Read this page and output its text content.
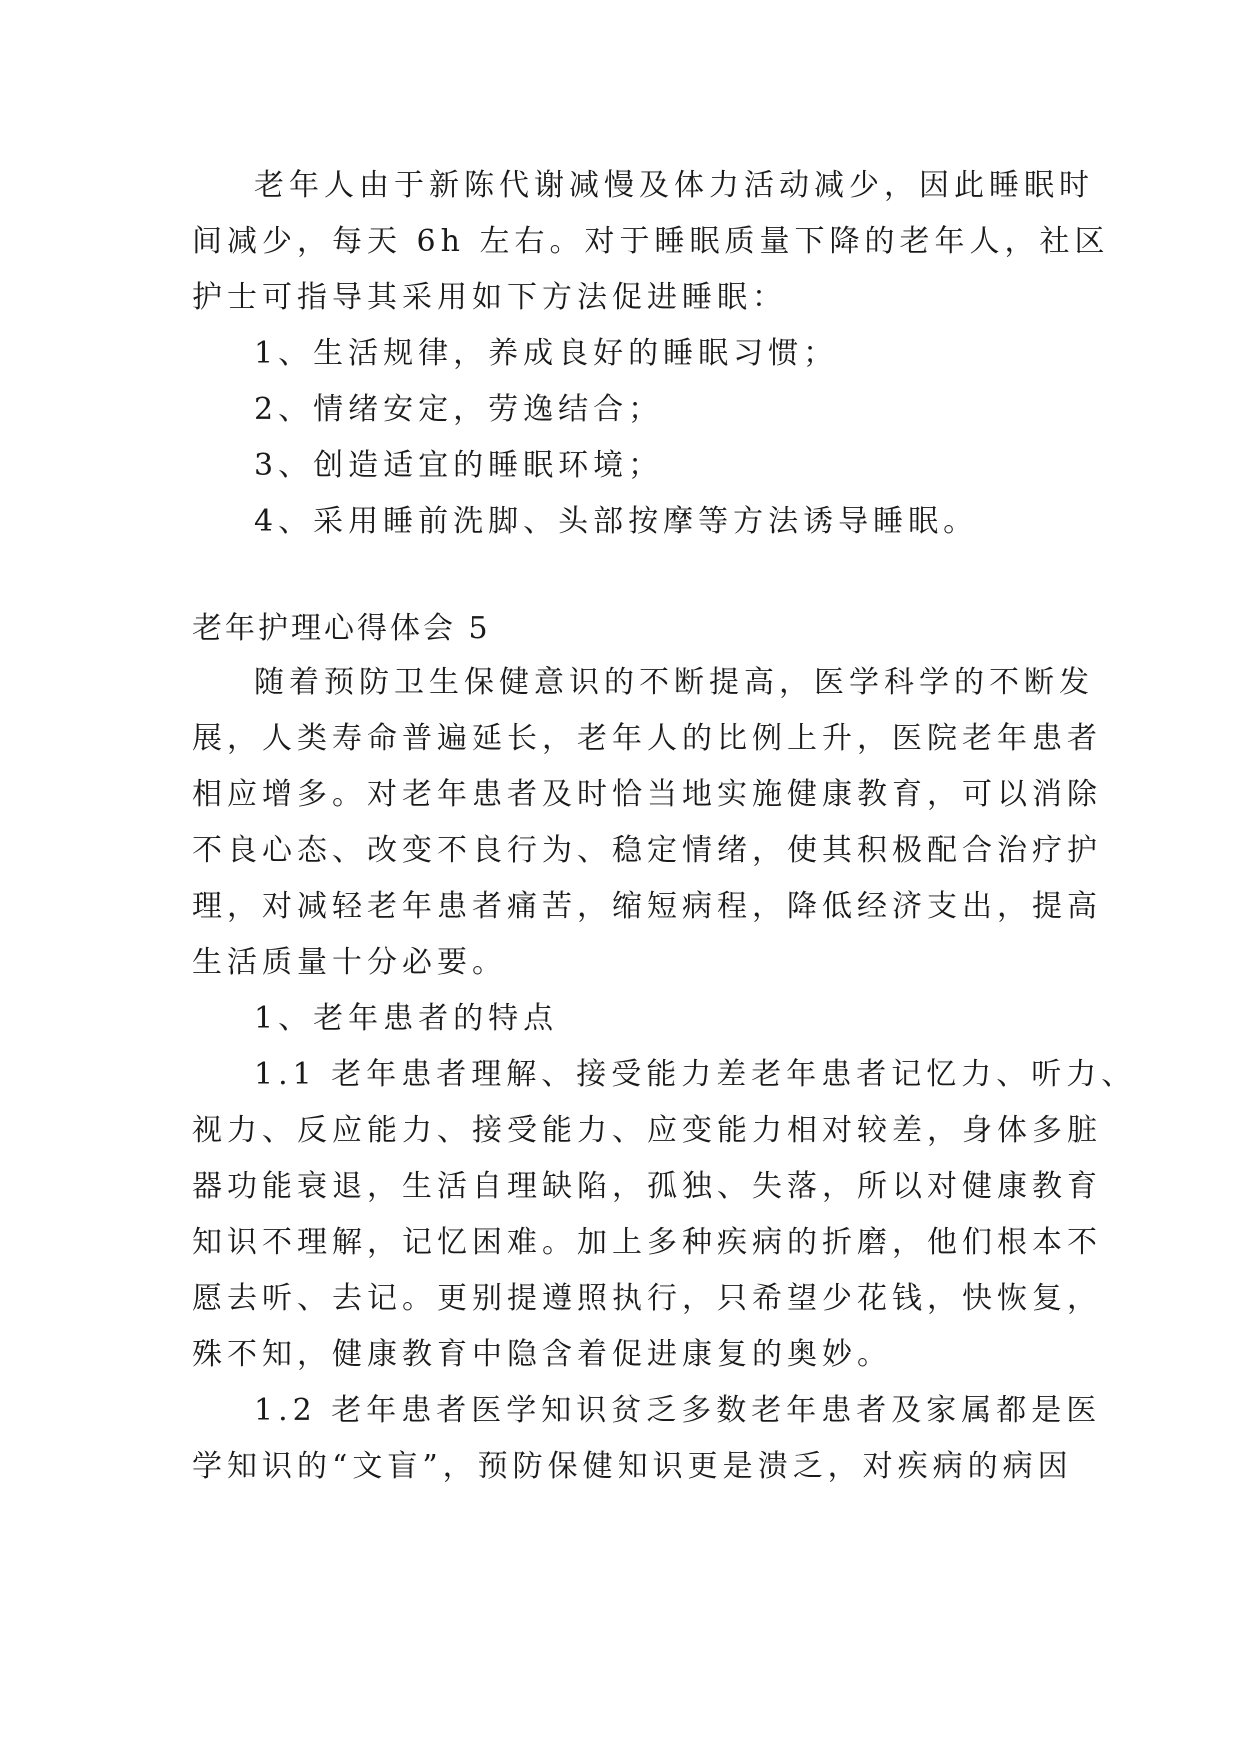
老年人由于新陈代谢减慢及体力活动减少，因此睡眠时
间减少，每天 6h 左右。对于睡眠质量下降的老年人，社区
护士可指导其采用如下方法促进睡眠：
1、生活规律，养成良好的睡眠习惯；
2、情绪安定，劳逸结合；
3、创造适宜的睡眠环境；
4、采用睡前洗脚、头部按摩等方法诱导睡眠。
老年护理心得体会 5
随着预防卫生保健意识的不断提高，医学科学的不断发
展，人类寿命普遍延长，老年人的比例上升，医院老年患者
相应增多。对老年患者及时恰当地实施健康教育，可以消除
不良心态、改变不良行为、稳定情绪，使其积极配合治疗护
理，对减轻老年患者痛苦，缩短病程，降低经济支出，提高
生活质量十分必要。
1、老年患者的特点
1.1 老年患者理解、接受能力差老年患者记忆力、听力、
视力、反应能力、接受能力、应变能力相对较差，身体多脏
器功能衰退，生活自理缺陷，孤独、失落，所以对健康教育
知识不理解，记忆困难。加上多种疾病的折磨，他们根本不
愿去听、去记。更别提遵照执行，只希望少花钱，快恢复，
殊不知，健康教育中隐含着促进康复的奥妙。
1.2 老年患者医学知识贫乏多数老年患者及家属都是医
学知识的“文盲”，预防保健知识更是溃乏，对疾病的病因
